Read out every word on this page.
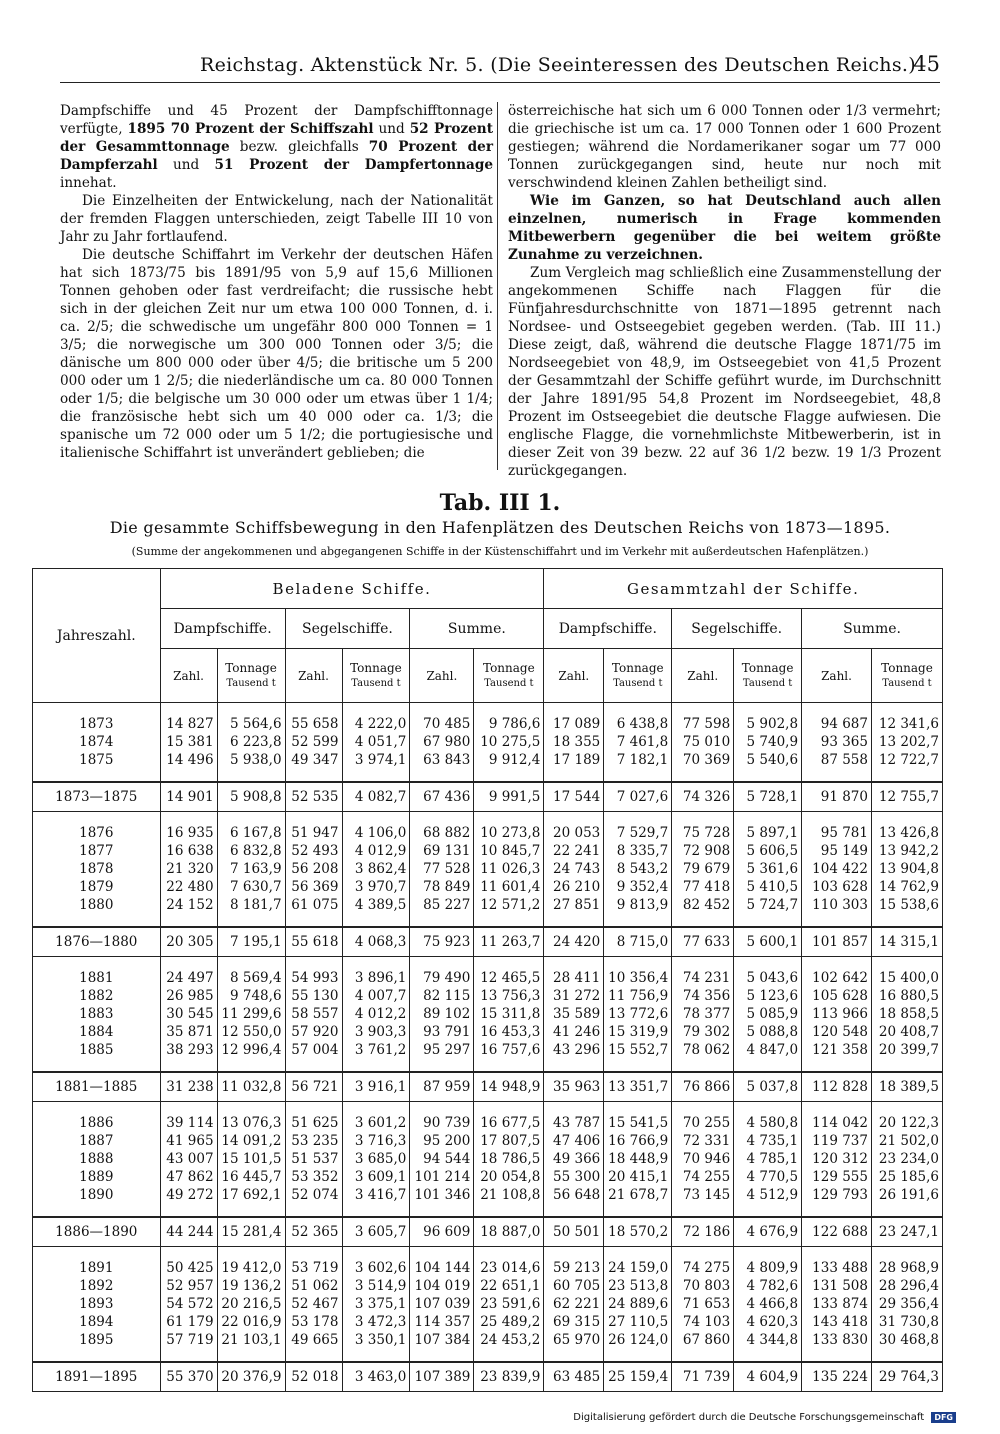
Reichstag. Aktenstück Nr. 5. (Die Seeinteressen des Deutschen Reichs.)
45

Dampfschiffe und 45 Prozent der Dampfschifftonnage verfügte, 1895 70 Prozent der Schiffszahl und 52 Prozent der Gesammttonnage bezw. gleichfalls 70 Prozent der Dampferzahl und 51 Prozent der Dampfertonnage innehat.

Die Einzelheiten der Entwickelung, nach der Nationalität der fremden Flaggen unterschieden, zeigt Tabelle III 10 von Jahr zu Jahr fortlaufend.

Die deutsche Schiffahrt im Verkehr der deutschen Häfen hat sich 1873/75 bis 1891/95 von 5,9 auf 15,6 Millionen Tonnen gehoben oder fast verdreifacht; die russische hebt sich in der gleichen Zeit nur um etwa 100 000 Tonnen, d. i. ca. 2/5; die schwedische um ungefähr 800 000 Tonnen = 1 3/5; die norwegische um 300 000 Tonnen oder 3/5; die dänische um 800 000 oder über 4/5; die britische um 5 200 000 oder um 1 2/5; die niederländische um ca. 80 000 Tonnen oder 1/5; die belgische um 30 000 oder um etwas über 1 1/4; die französische hebt sich um 40 000 oder ca. 1/3; die spanische um 72 000 oder um 5 1/2; die portugiesische und italienische Schiffahrt ist unverändert geblieben; die

österreichische hat sich um 6 000 Tonnen oder 1/3 vermehrt; die griechische ist um ca. 17 000 Tonnen oder 1 600 Prozent gestiegen; während die Nordamerikaner sogar um 77 000 Tonnen zurückgegangen sind, heute nur noch mit verschwindend kleinen Zahlen betheiligt sind.

Wie im Ganzen, so hat Deutschland auch allen einzelnen, numerisch in Frage kommenden Mitbewerbern gegenüber die bei weitem größte Zunahme zu verzeichnen.

Zum Vergleich mag schließlich eine Zusammenstellung der angekommenen Schiffe nach Flaggen für die Fünfjahresdurchschnitte von 1871—1895 getrennt nach Nordsee- und Ostseegebiet gegeben werden. (Tab. III 11.) Diese zeigt, daß, während die deutsche Flagge 1871/75 im Nordseegebiet von 48,9, im Ostseegebiet von 41,5 Prozent der Gesammtzahl der Schiffe geführt wurde, im Durchschnitt der Jahre 1891/95 54,8 Prozent im Nordseegebiet, 48,8 Prozent im Ostseegebiet die deutsche Flagge aufwiesen. Die englische Flagge, die vornehmlichste Mitbewerberin, ist in dieser Zeit von 39 bezw. 22 auf 36 1/2 bezw. 19 1/3 Prozent zurückgegangen.

Tab. III 1.
Die gesammte Schiffsbewegung in den Hafenplätzen des Deutschen Reichs von 1873—1895.
(Summe der angekommenen und abgegangenen Schiffe in der Küstenschiffahrt und im Verkehr mit außerdeutschen Hafenplätzen.)
Jahreszahl.	Beladene Schiffe.						Gesammtzahl der Schiffe.					
	Dampfschiffe.		Segelschiffe.		Summe.		Dampfschiffe.		Segelschiffe.		Summe.	
	Zahl.	Tonnage
Tausend t	Zahl.	Tonnage
Tausend t	Zahl.	Tonnage
Tausend t	Zahl.	Tonnage
Tausend t	Zahl.	Tonnage
Tausend t	Zahl.	Tonnage
Tausend t

1873	14 827	5 564,6	55 658	4 222,0	70 485	9 786,6	17 089	6 438,8	77 598	5 902,8	94 687	12 341,6
1874	15 381	6 223,8	52 599	4 051,7	67 980	10 275,5	18 355	7 461,8	75 010	5 740,9	93 365	13 202,7
1875	14 496	5 938,0	49 347	3 974,1	63 843	9 912,4	17 189	7 182,1	70 369	5 540,6	87 558	12 722,7

1873—1875	14 901	5 908,8	52 535	4 082,7	67 436	9 991,5	17 544	7 027,6	74 326	5 728,1	91 870	12 755,7

1876	16 935	6 167,8	51 947	4 106,0	68 882	10 273,8	20 053	7 529,7	75 728	5 897,1	95 781	13 426,8
1877	16 638	6 832,8	52 493	4 012,9	69 131	10 845,7	22 241	8 335,7	72 908	5 606,5	95 149	13 942,2
1878	21 320	7 163,9	56 208	3 862,4	77 528	11 026,3	24 743	8 543,2	79 679	5 361,6	104 422	13 904,8
1879	22 480	7 630,7	56 369	3 970,7	78 849	11 601,4	26 210	9 352,4	77 418	5 410,5	103 628	14 762,9
1880	24 152	8 181,7	61 075	4 389,5	85 227	12 571,2	27 851	9 813,9	82 452	5 724,7	110 303	15 538,6

1876—1880	20 305	7 195,1	55 618	4 068,3	75 923	11 263,7	24 420	8 715,0	77 633	5 600,1	101 857	14 315,1

1881	24 497	8 569,4	54 993	3 896,1	79 490	12 465,5	28 411	10 356,4	74 231	5 043,6	102 642	15 400,0
1882	26 985	9 748,6	55 130	4 007,7	82 115	13 756,3	31 272	11 756,9	74 356	5 123,6	105 628	16 880,5
1883	30 545	11 299,6	58 557	4 012,2	89 102	15 311,8	35 589	13 772,6	78 377	5 085,9	113 966	18 858,5
1884	35 871	12 550,0	57 920	3 903,3	93 791	16 453,3	41 246	15 319,9	79 302	5 088,8	120 548	20 408,7
1885	38 293	12 996,4	57 004	3 761,2	95 297	16 757,6	43 296	15 552,7	78 062	4 847,0	121 358	20 399,7

1881—1885	31 238	11 032,8	56 721	3 916,1	87 959	14 948,9	35 963	13 351,7	76 866	5 037,8	112 828	18 389,5

1886	39 114	13 076,3	51 625	3 601,2	90 739	16 677,5	43 787	15 541,5	70 255	4 580,8	114 042	20 122,3
1887	41 965	14 091,2	53 235	3 716,3	95 200	17 807,5	47 406	16 766,9	72 331	4 735,1	119 737	21 502,0
1888	43 007	15 101,5	51 537	3 685,0	94 544	18 786,5	49 366	18 448,9	70 946	4 785,1	120 312	23 234,0
1889	47 862	16 445,7	53 352	3 609,1	101 214	20 054,8	55 300	20 415,1	74 255	4 770,5	129 555	25 185,6
1890	49 272	17 692,1	52 074	3 416,7	101 346	21 108,8	56 648	21 678,7	73 145	4 512,9	129 793	26 191,6

1886—1890	44 244	15 281,4	52 365	3 605,7	96 609	18 887,0	50 501	18 570,2	72 186	4 676,9	122 688	23 247,1

1891	50 425	19 412,0	53 719	3 602,6	104 144	23 014,6	59 213	24 159,0	74 275	4 809,9	133 488	28 968,9
1892	52 957	19 136,2	51 062	3 514,9	104 019	22 651,1	60 705	23 513,8	70 803	4 782,6	131 508	28 296,4
1893	54 572	20 216,5	52 467	3 375,1	107 039	23 591,6	62 221	24 889,6	71 653	4 466,8	133 874	29 356,4
1894	61 179	22 016,9	53 178	3 472,3	114 357	25 489,2	69 315	27 110,5	74 103	4 620,3	143 418	31 730,8
1895	57 719	21 103,1	49 665	3 350,1	107 384	24 453,2	65 970	26 124,0	67 860	4 344,8	133 830	30 468,8

1891—1895	55 370	20 376,9	52 018	3 463,0	107 389	23 839,9	63 485	25 159,4	71 739	4 604,9	135 224	29 764,3
Digitalisierung gefördert durch die Deutsche Forschungsgemeinschaft DFG
